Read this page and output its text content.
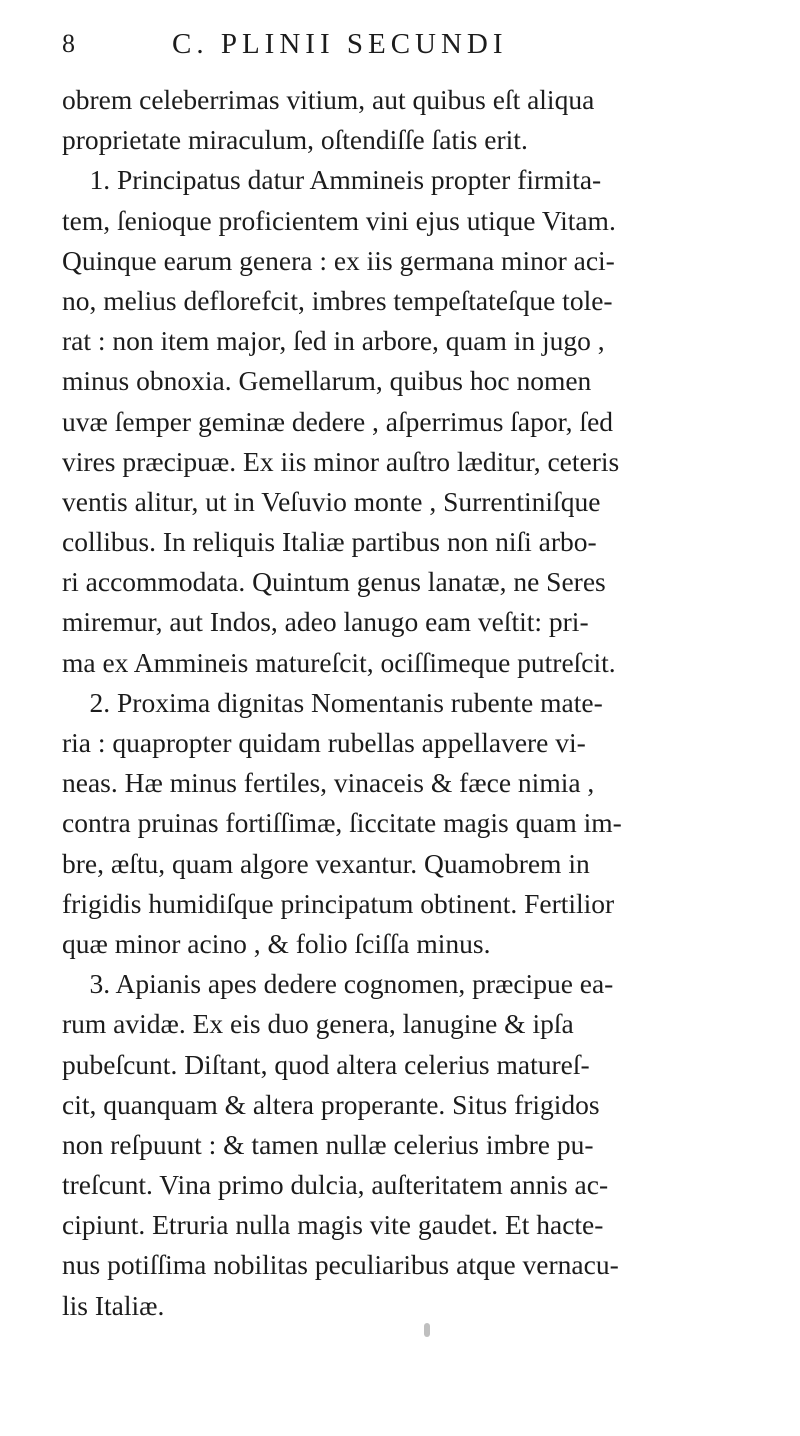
8	C. PLINII SECUNDI
obrem celeberrimas vitium, aut quibus eſt aliqua
proprietate miraculum, oſtendiſſe ſatis erit.
1. Principatus datur Ammineis propter firmita-
tem, ſenioque proficientem vini ejus utique Vitam.
Quinque earum genera : ex iis germana minor aci-
no, melius deflorefcit, imbres tempeſtateſque tole-
rat : non item major, ſed in arbore, quam in jugo ,
minus obnoxia. Gemellarum, quibus hoc nomen
uvæ ſemper geminæ dedere , aſperrimus ſapor, ſed
vires præcipuæ. Ex iis minor auſtro læditur, ceteris
ventis alitur, ut in Veſuvio monte , Surrentiniſque
collibus. In reliquis Italiæ partibus non niſi arbo-
ri accommodata. Quintum genus lanatæ, ne Seres
miremur, aut Indos, adeo lanugo eam veſtit: pri-
ma ex Ammineis matureſcit, ociſſimeque putreſcit.
2. Proxima dignitas Nomentanis rubente mate-
ria : quapropter quidam rubellas appellavere vi-
neas. Hæ minus fertiles, vinaceis & fæce nimia ,
contra pruinas fortiſſimæ, ſiccitate magis quam im-
bre, æſtu, quam algore vexantur. Quamobrem in
frigidis humidiſque principatum obtinent. Fertilior
quæ minor acino , & folio ſciſſa minus.
3. Apianis apes dedere cognomen, præcipue ea-
rum avidæ. Ex eis duo genera, lanugine & ipſa
pubeſcunt. Diſtant, quod altera celerius matureſ-
cit, quanquam & altera properante. Situs frigidos
non reſpuunt : & tamen nullæ celerius imbre pu-
treſcunt. Vina primo dulcia, auſteritatem annis ac-
cipiunt. Etruria nulla magis vite gaudet. Et hacte-
nus potiſſima nobilitas peculiaribus atque vernacu-
lis Italiæ.
